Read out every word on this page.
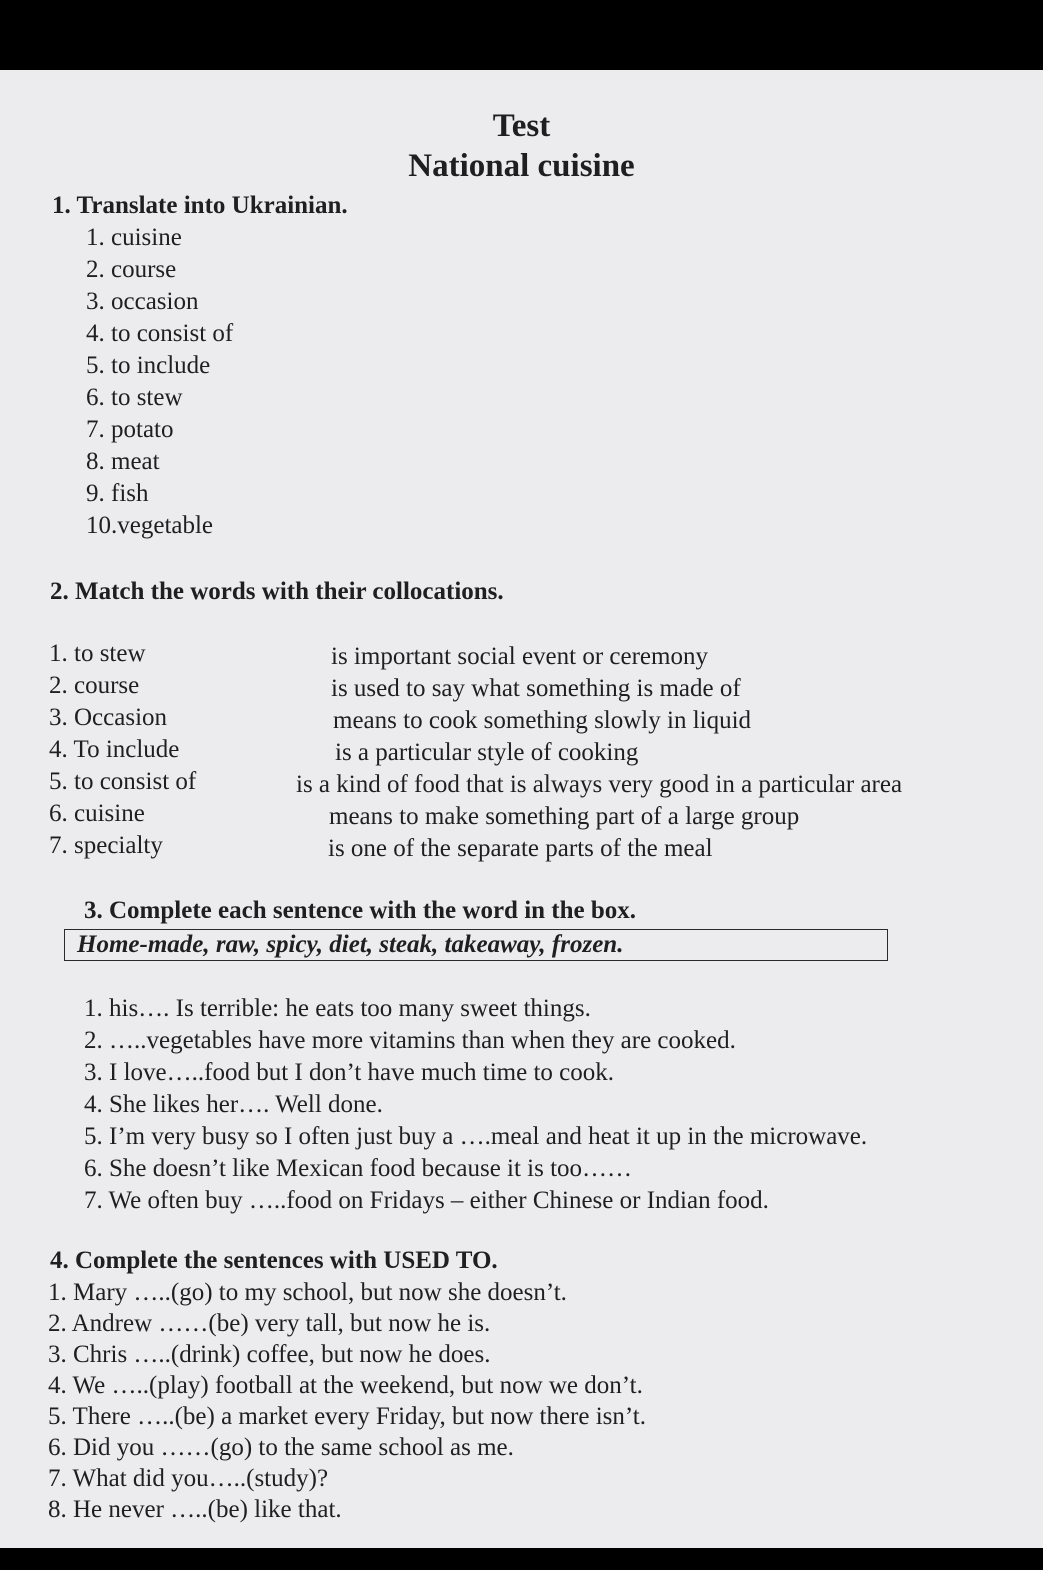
Test
National cuisine
1. Translate into Ukrainian.
1. cuisine
2. course
3. occasion
4. to consist of
5. to include
6. to stew
7. potato
8. meat
9. fish
10.vegetable
2. Match the words with their collocations.
1. to stew
2. course
3. Occasion
4. To include
5. to consist of
6. cuisine
7. specialty
is important social event or ceremony
is used to say what something is made of
means to cook something slowly in liquid
is a particular style of cooking
is a kind of food that is always very good in a particular area
means to make something part of a large group
is one of the separate parts of the meal
3. Complete each sentence with the word in the box.
Home-made, raw, spicy, diet, steak, takeaway, frozen.
1. his…. Is terrible: he eats too many sweet things.
2. …..vegetables have more vitamins than when they are cooked.
3. I love…..food but I don’t have much time to cook.
4. She likes her…. Well done.
5. I’m very busy so I often just buy a ….meal and heat it up in the microwave.
6. She doesn’t like Mexican food because it is too……
7. We often buy …..food on Fridays – either Chinese or Indian food.
4. Complete the sentences with USED TO.
1. Mary …..(go) to my school, but now she doesn’t.
2. Andrew ……(be) very tall, but now he is.
3. Chris …..(drink) coffee, but now he does.
4. We …..(play) football at the weekend, but now we don’t.
5. There …..(be) a market every Friday, but now there isn’t.
6. Did you ……(go) to the same school as me.
7. What did you…..(study)?
8. He never …..(be) like that.
